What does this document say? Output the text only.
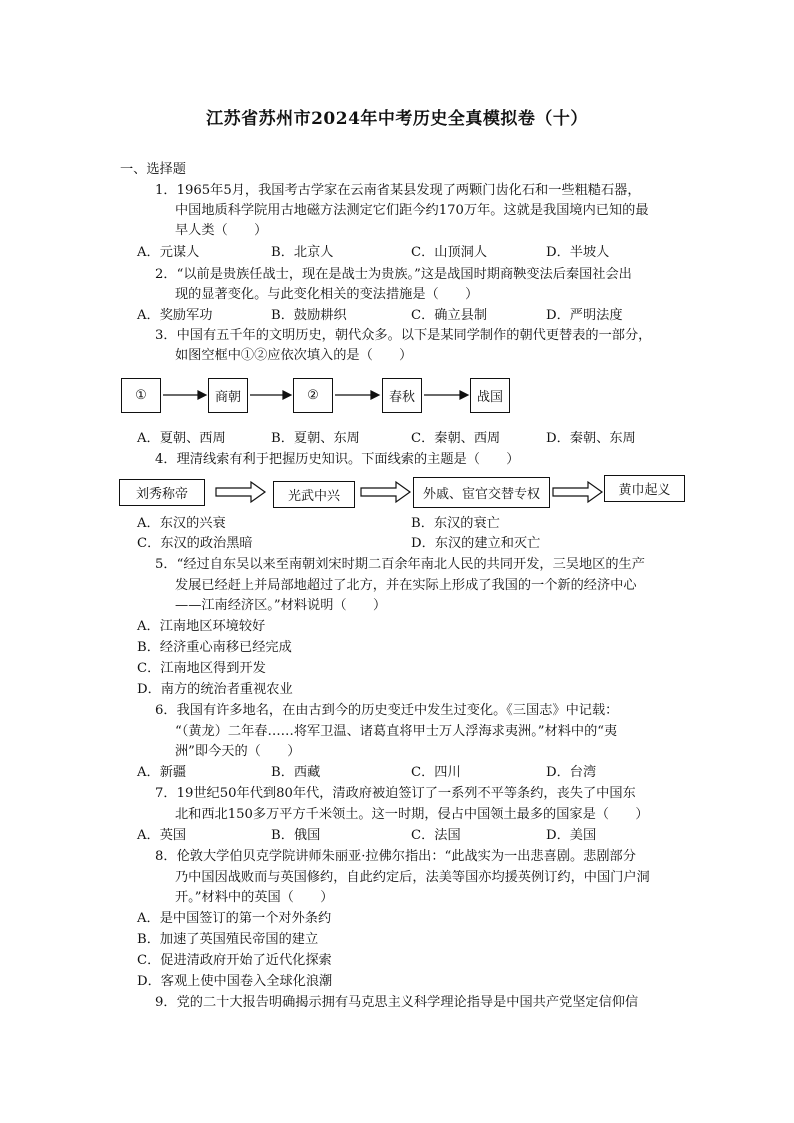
江苏省苏州市2024年中考历史全真模拟卷（十）
一、选择题
1．1965年5月，我国考古学家在云南省某县发现了两颗门齿化石和一些粗糙石器，
中国地质科学院用古地磁方法测定它们距今约170万年。这就是我国境内已知的最
早人类（　　）
A．元谋人	B．北京人	C．山顶洞人	D．半坡人
2．“以前是贵族任战士，现在是战士为贵族。”这是战国时期商鞅变法后秦国社会出
现的显著变化。与此变化相关的变法措施是（　　）
A．奖励军功	B．鼓励耕织	C．确立县制	D．严明法度
3．中国有五千年的文明历史，朝代众多。以下是某同学制作的朝代更替表的一部分，
如图空框中①②应依次填入的是（　　）
①	商朝	②	春秋	战国
A．夏朝、西周	B．夏朝、东周	C．秦朝、西周	D．秦朝、东周
4．理清线索有利于把握历史知识。下面线索的主题是（　　）
刘秀称帝	光武中兴	外戚、宦官交替专权	黄巾起义
A．东汉的兴衰	B．东汉的衰亡
C．东汉的政治黑暗	D．东汉的建立和灭亡
5．“经过自东吴以来至南朝刘宋时期二百余年南北人民的共同开发，三吴地区的生产
发展已经赶上并局部地超过了北方，并在实际上形成了我国的一个新的经济中心
——江南经济区。”材料说明（　　）
A．江南地区环境较好
B．经济重心南移已经完成
C．江南地区得到开发
D．南方的统治者重视农业
6．我国有许多地名，在由古到今的历史变迁中发生过变化。《三国志》中记载：
“（黄龙）二年春……将军卫温、诸葛直将甲士万人浮海求夷洲。”材料中的“夷
洲”即今天的（　　）
A．新疆	B．西藏	C．四川	D．台湾
7．19世纪50年代到80年代，清政府被迫签订了一系列不平等条约，丧失了中国东
北和西北150多万平方千米领土。这一时期，侵占中国领土最多的国家是（　　）
A．英国	B．俄国	C．法国	D．美国
8．伦敦大学伯贝克学院讲师朱丽亚·拉佛尔指出：“此战实为一出悲喜剧。悲剧部分
乃中国因战败而与英国修约，自此约定后，法美等国亦均援英例订约，中国门户洞
开。”材料中的英国（　　）
A．是中国签订的第一个对外条约
B．加速了英国殖民帝国的建立
C．促进清政府开始了近代化探索
D．客观上使中国卷入全球化浪潮
9．党的二十大报告明确揭示拥有马克思主义科学理论指导是中国共产党坚定信仰信
